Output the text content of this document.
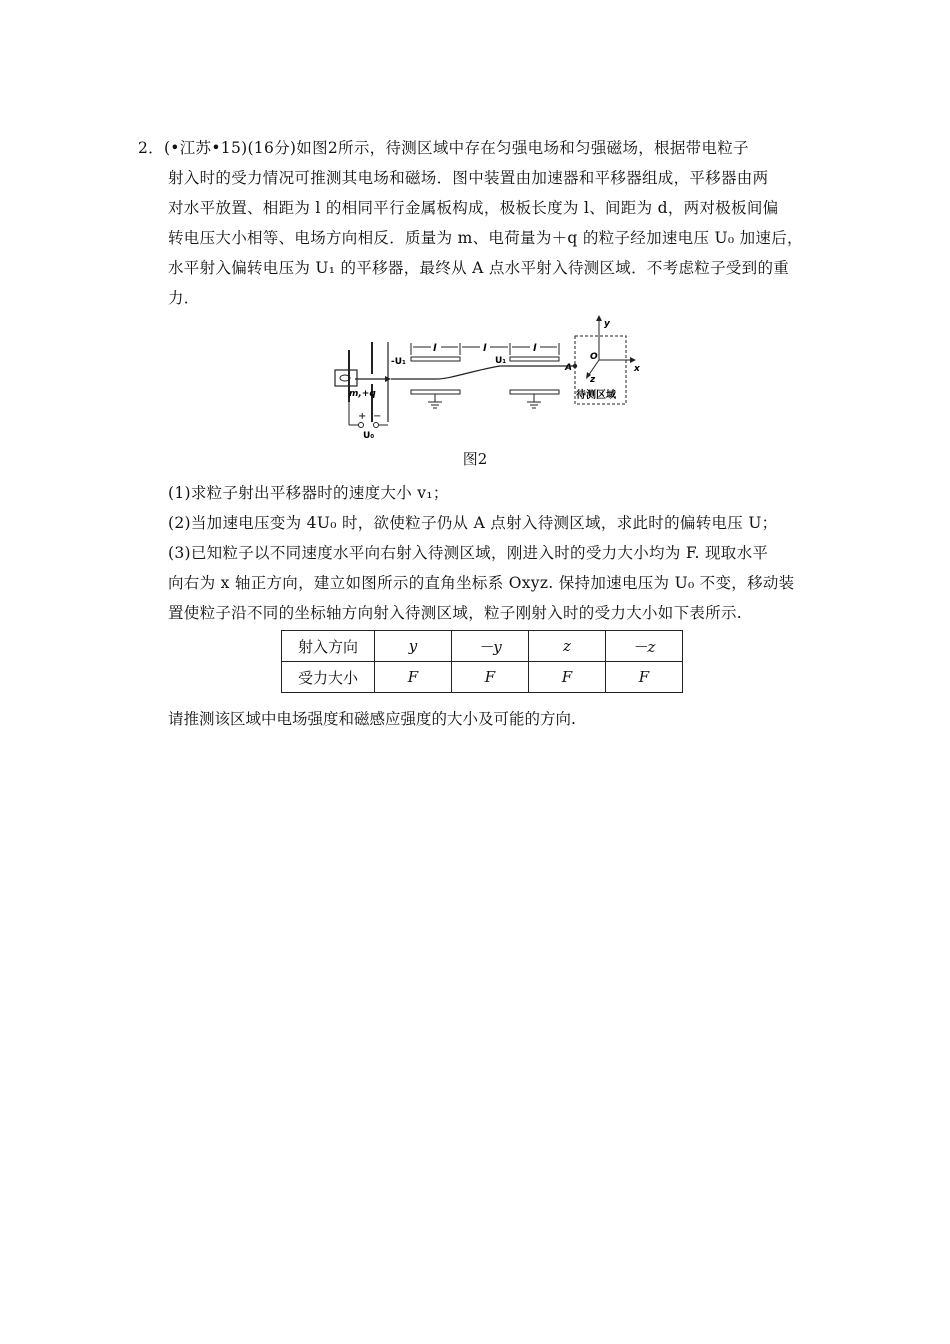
2．(•江苏•15)(16分)如图2所示，待测区域中存在匀强电场和匀强磁场，根据带电粒子
射入时的受力情况可推测其电场和磁场．图中装置由加速器和平移器组成，平移器由两
对水平放置、相距为 l 的相同平行金属板构成，极板长度为 l、间距为 d，两对极板间偏
转电压大小相等、电场方向相反．质量为 m、电荷量为＋q 的粒子经加速电压 U₀ 加速后，
水平射入偏转电压为 U₁ 的平移器，最终从 A 点水平射入待测区域．不考虑粒子受到的重
力．
+ −
U₀
m,+q
l	l	l
-U₁	U₁
A
y
x
z
O
待测区域
图2
(1)求粒子射出平移器时的速度大小 v₁；
(2)当加速电压变为 4U₀ 时，欲使粒子仍从 A 点射入待测区域，求此时的偏转电压 U；
(3)已知粒子以不同速度水平向右射入待测区域，刚进入时的受力大小均为 F. 现取水平
向右为 x 轴正方向，建立如图所示的直角坐标系 Oxyz. 保持加速电压为 U₀ 不变，移动装
置使粒子沿不同的坐标轴方向射入待测区域，粒子刚射入时的受力大小如下表所示.
射入方向	y	－y	z	－z
受力大小	F	F	F	F
请推测该区域中电场强度和磁感应强度的大小及可能的方向.
